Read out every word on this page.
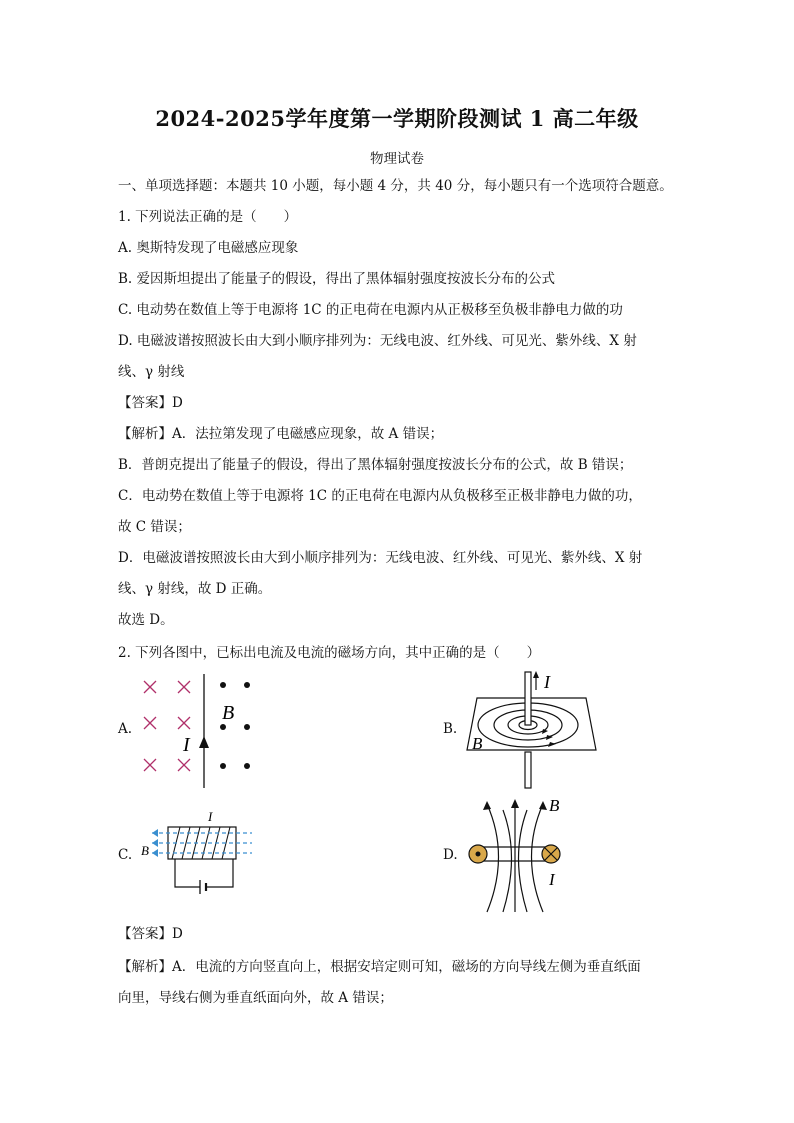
2024-2025学年度第一学期阶段测试 1 高二年级
物理试卷
一、单项选择题：本题共 10 小题，每小题 4 分，共 40 分，每小题只有一个选项符合题意。
1. 下列说法正确的是（　　）
A. 奥斯特发现了电磁感应现象
B. 爱因斯坦提出了能量子的假设，得出了黑体辐射强度按波长分布的公式
C. 电动势在数值上等于电源将 1C 的正电荷在电源内从正极移至负极非静电力做的功
D. 电磁波谱按照波长由大到小顺序排列为：无线电波、红外线、可见光、紫外线、X 射
线、γ 射线
【答案】D
【解析】A．法拉第发现了电磁感应现象，故 A 错误；
B．普朗克提出了能量子的假设，得出了黑体辐射强度按波长分布的公式，故 B 错误；
C．电动势在数值上等于电源将 1C 的正电荷在电源内从负极移至正极非静电力做的功，
故 C 错误；
D．电磁波谱按照波长由大到小顺序排列为：无线电波、红外线、可见光、紫外线、X 射
线、γ 射线，故 D 正确。
故选 D。
2. 下列各图中，已标出电流及电流的磁场方向，其中正确的是（　　）
A.
B
I
B.
I
B
C.
I
B	D.
B
I
【答案】D
【解析】A．电流的方向竖直向上，根据安培定则可知，磁场的方向导线左侧为垂直纸面
向里，导线右侧为垂直纸面向外，故 A 错误；
